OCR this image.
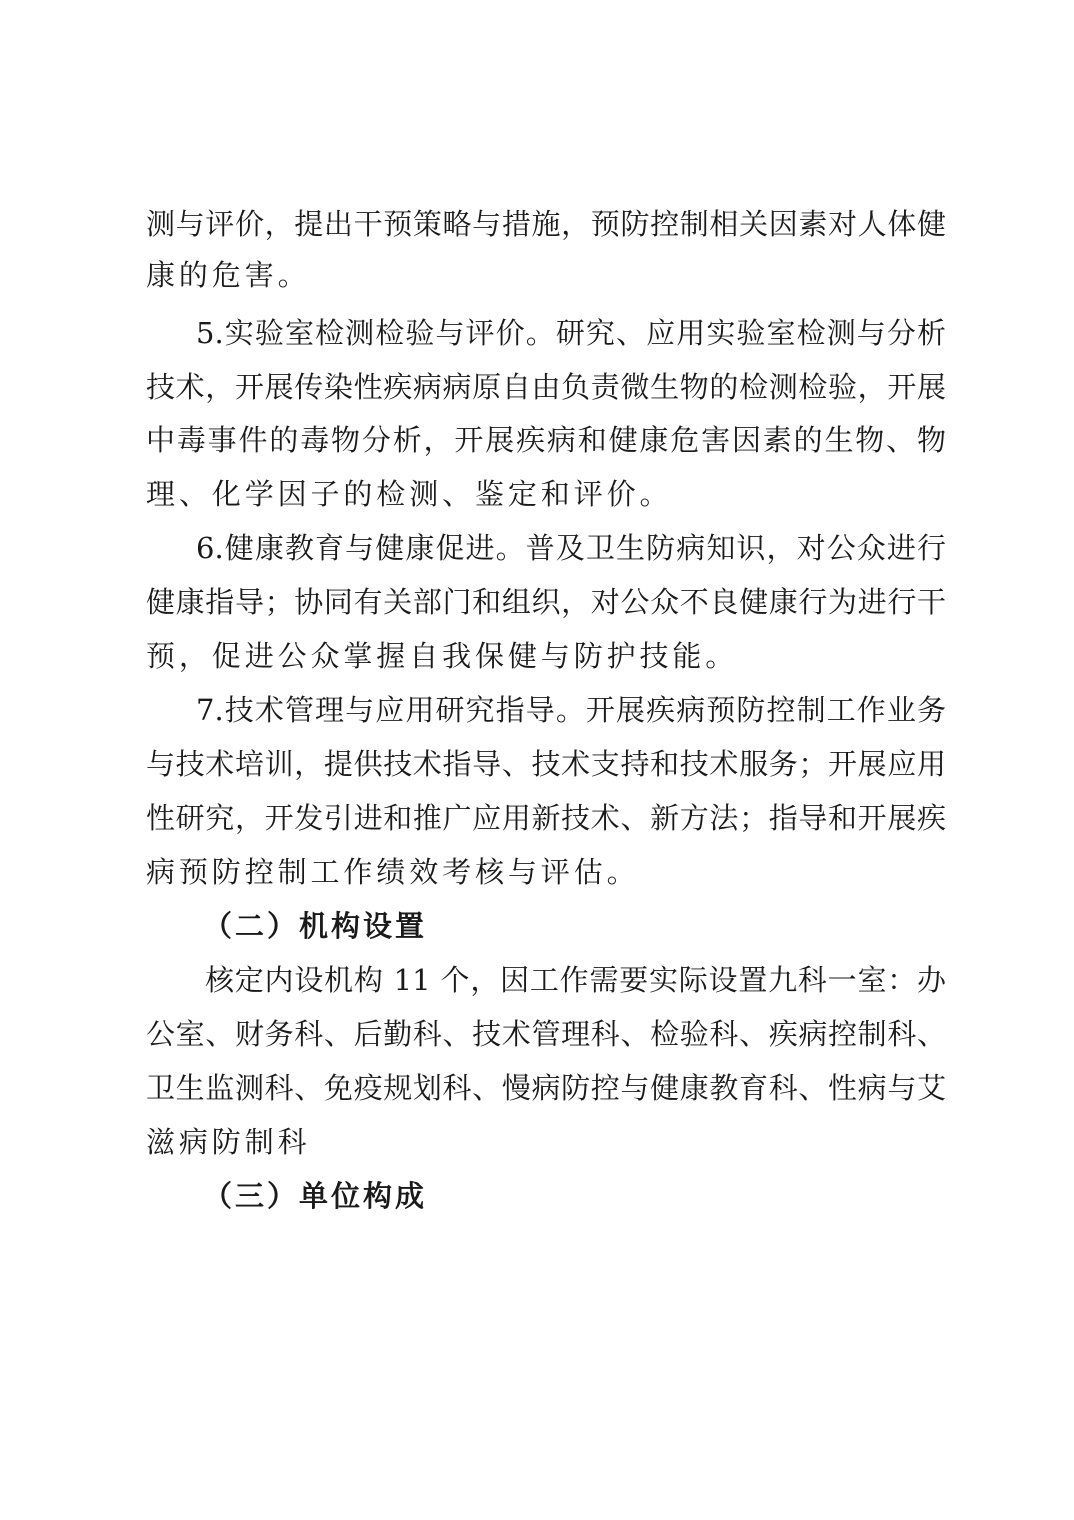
测与评价，提出干预策略与措施，预防控制相关因素对人体健
康的危害。
5.实验室检测检验与评价。研究、应用实验室检测与分析
技术，开展传染性疾病病原自由负责微生物的检测检验，开展
中毒事件的毒物分析，开展疾病和健康危害因素的生物、物
理、化学因子的检测、鉴定和评价。
6.健康教育与健康促进。普及卫生防病知识，对公众进行
健康指导；协同有关部门和组织，对公众不良健康行为进行干
预，促进公众掌握自我保健与防护技能。
7.技术管理与应用研究指导。开展疾病预防控制工作业务
与技术培训，提供技术指导、技术支持和技术服务；开展应用
性研究，开发引进和推广应用新技术、新方法；指导和开展疾
病预防控制工作绩效考核与评估。
（二）机构设置
核定内设机构 11 个，因工作需要实际设置九科一室：办
公室、财务科、后勤科、技术管理科、检验科、疾病控制科、
卫生监测科、免疫规划科、慢病防控与健康教育科、性病与艾
滋病防制科
（三）单位构成
